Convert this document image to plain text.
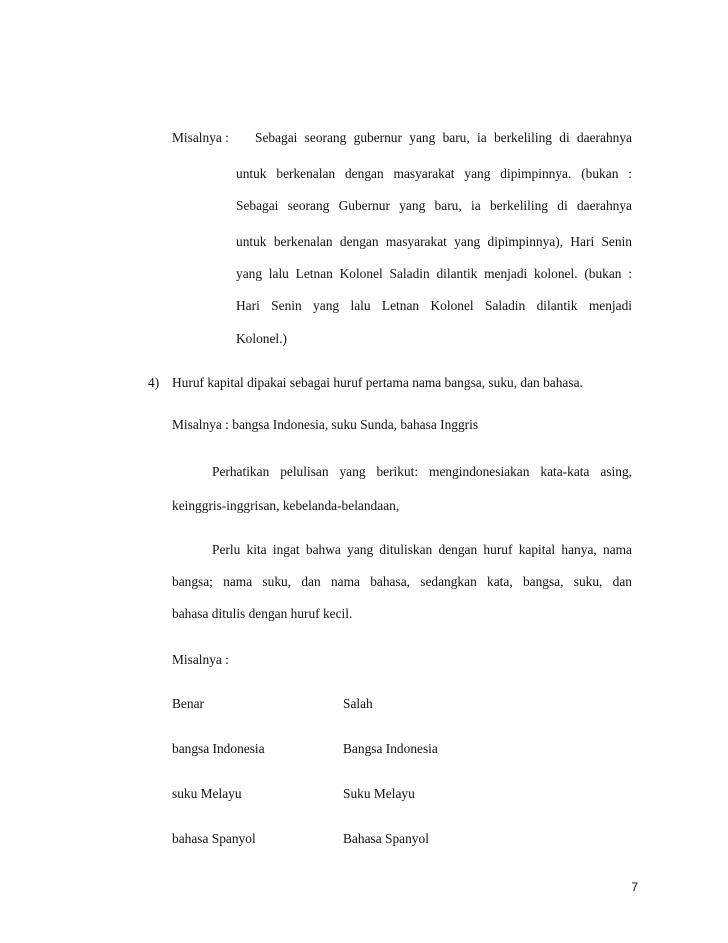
Misalnya : Sebagai seorang gubernur yang baru, ia berkeliling di daerahnya
untuk berkenalan dengan masyarakat yang dipimpinnya. (bukan :
Sebagai seorang Gubernur yang baru, ia berkeliling di daerahnya
untuk berkenalan dengan masyarakat yang dipimpinnya), Hari Senin
yang lalu Letnan Kolonel Saladin dilantik menjadi kolonel. (bukan :
Hari Senin yang lalu Letnan Kolonel Saladin dilantik menjadi
Kolonel.)
4) Huruf kapital dipakai sebagai huruf pertama nama bangsa, suku, dan bahasa.
Misalnya : bangsa Indonesia, suku Sunda, bahasa Inggris
Perhatikan pelulisan yang berikut: mengindonesiakan kata-kata asing,
keinggris-inggrisan, kebelanda-belandaan,
Perlu kita ingat bahwa yang dituliskan dengan huruf kapital hanya, nama
bangsa; nama suku, dan nama bahasa, sedangkan kata, bangsa, suku, dan
bahasa ditulis dengan huruf kecil.
Misalnya :
Benar	Salah
bangsa Indonesia	Bangsa Indonesia
suku Melayu	Suku Melayu
bahasa Spanyol	Bahasa Spanyol
7
